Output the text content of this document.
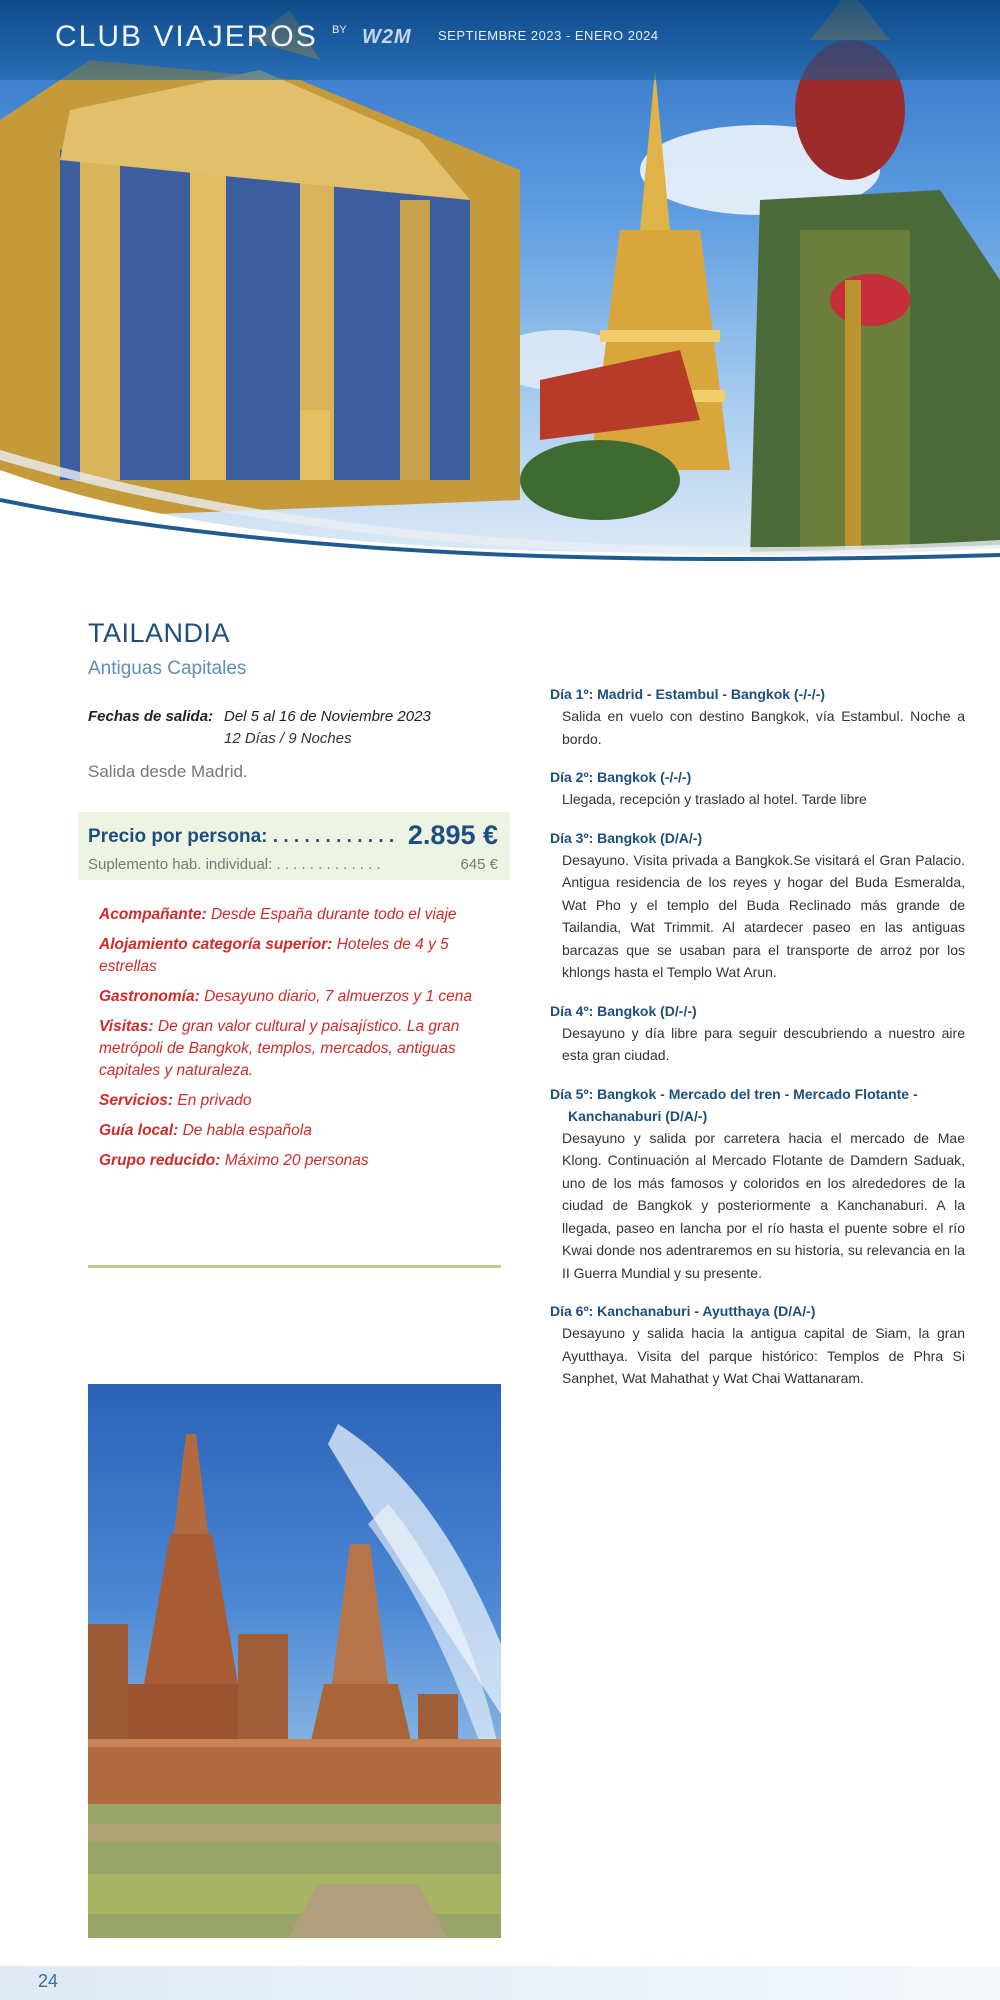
CLUB VIAJEROS BY W2M SEPTIEMBRE 2023 - ENERO 2024
TAILANDIA
Antiguas Capitales
Fechas de salida: Del 5 al 16 de Noviembre 2023
12 Días / 9 Noches
Salida desde Madrid.
Precio por persona: . . . . . . . . . . . . 2.895 €
Suplemento hab. individual: . . . . . . . . . . . . .	645 €
Acompañante: Desde España durante todo el viaje
Alojamiento categoría superior: Hoteles de 4 y 5 estrellas
Gastronomía: Desayuno diario, 7 almuerzos y 1 cena
Visitas: De gran valor cultural y paisajístico. La gran metrópoli de Bangkok, templos, mercados, antiguas capitales y naturaleza.
Servicios: En privado
Guía local: De habla española
Grupo reducido: Máximo 20 personas
Día 1º: Madrid - Estambul - Bangkok (-/-/-)
Salida en vuelo con destino Bangkok, vía Estambul. Noche a bordo.
Día 2º: Bangkok (-/-/-)
Llegada, recepción y traslado al hotel. Tarde libre
Día 3º: Bangkok (D/A/-)
Desayuno. Visita privada a Bangkok.Se visitará el Gran Palacio. Antigua residencia de los reyes y hogar del Buda Esmeralda, Wat Pho y el templo del Buda Reclinado más grande de Tailandia, Wat Trimmit. Al atardecer paseo en las antiguas barcazas que se usaban para el transporte de arroz por los khlongs hasta el Templo Wat Arun.
Día 4º: Bangkok (D/-/-)
Desayuno y día libre para seguir descubriendo a nuestro aire esta gran ciudad.
Día 5º: Bangkok - Mercado del tren - Mercado Flotante -
Kanchanaburi (D/A/-)
Desayuno y salida por carretera hacia el mercado de Mae Klong. Continuación al Mercado Flotante de Damdern Saduak, uno de los más famosos y coloridos en los alrededores de la ciudad de Bangkok y posteriormente a Kanchanaburi. A la llegada, paseo en lancha por el río hasta el puente sobre el río Kwai donde nos adentraremos en su historia, su relevancia en la II Guerra Mundial y su presente.
Día 6º: Kanchanaburi - Ayutthaya (D/A/-)
Desayuno y salida hacia la antigua capital de Siam, la gran Ayutthaya. Visita del parque histórico: Templos de Phra Si Sanphet, Wat Mahathat y Wat Chai Wattanaram.
24
